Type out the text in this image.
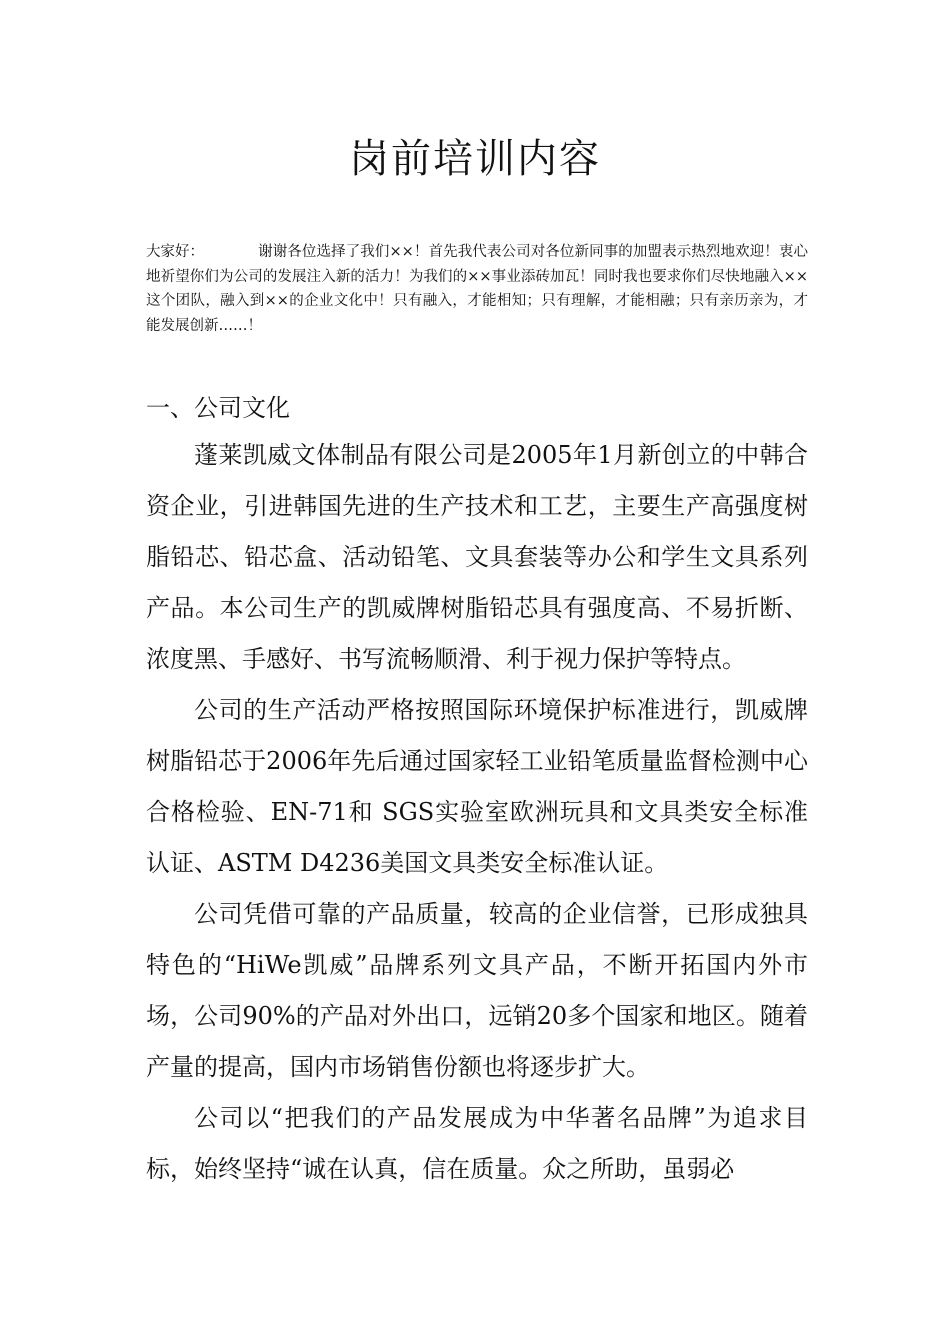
岗前培训内容
大家好：	谢谢各位选择了我们××！首先我代表公司对各位新同事的加盟表示热烈地欢迎！衷心地祈望你们为公司的发展注入新的活力！为我们的××事业添砖加瓦！同时我也要求你们尽快地融入××这个团队，融入到××的企业文化中！只有融入，才能相知；只有理解，才能相融；只有亲历亲为，才能发展创新……！
一、公司文化

蓬莱凯威文体制品有限公司是2005年1月新创立的中韩合资企业，引进韩国先进的生产技术和工艺，主要生产高强度树脂铅芯、铅芯盒、活动铅笔、文具套装等办公和学生文具系列产品。本公司生产的凯威牌树脂铅芯具有强度高、不易折断、浓度黑、手感好、书写流畅顺滑、利于视力保护等特点。

公司的生产活动严格按照国际环境保护标准进行，凯威牌树脂铅芯于2006年先后通过国家轻工业铅笔质量监督检测中心合格检验、EN-71和 SGS实验室欧洲玩具和文具类安全标准认证、ASTM D4236美国文具类安全标准认证。

公司凭借可靠的产品质量，较高的企业信誉，已形成独具特色的“HiWe凯威”品牌系列文具产品，不断开拓国内外市场，公司90%的产品对外出口，远销20多个国家和地区。随着产量的提高，国内市场销售份额也将逐步扩大。

公司以“把我们的产品发展成为中华著名品牌”为追求目标，始终坚持“诚在认真，信在质量。众之所助，虽弱必
